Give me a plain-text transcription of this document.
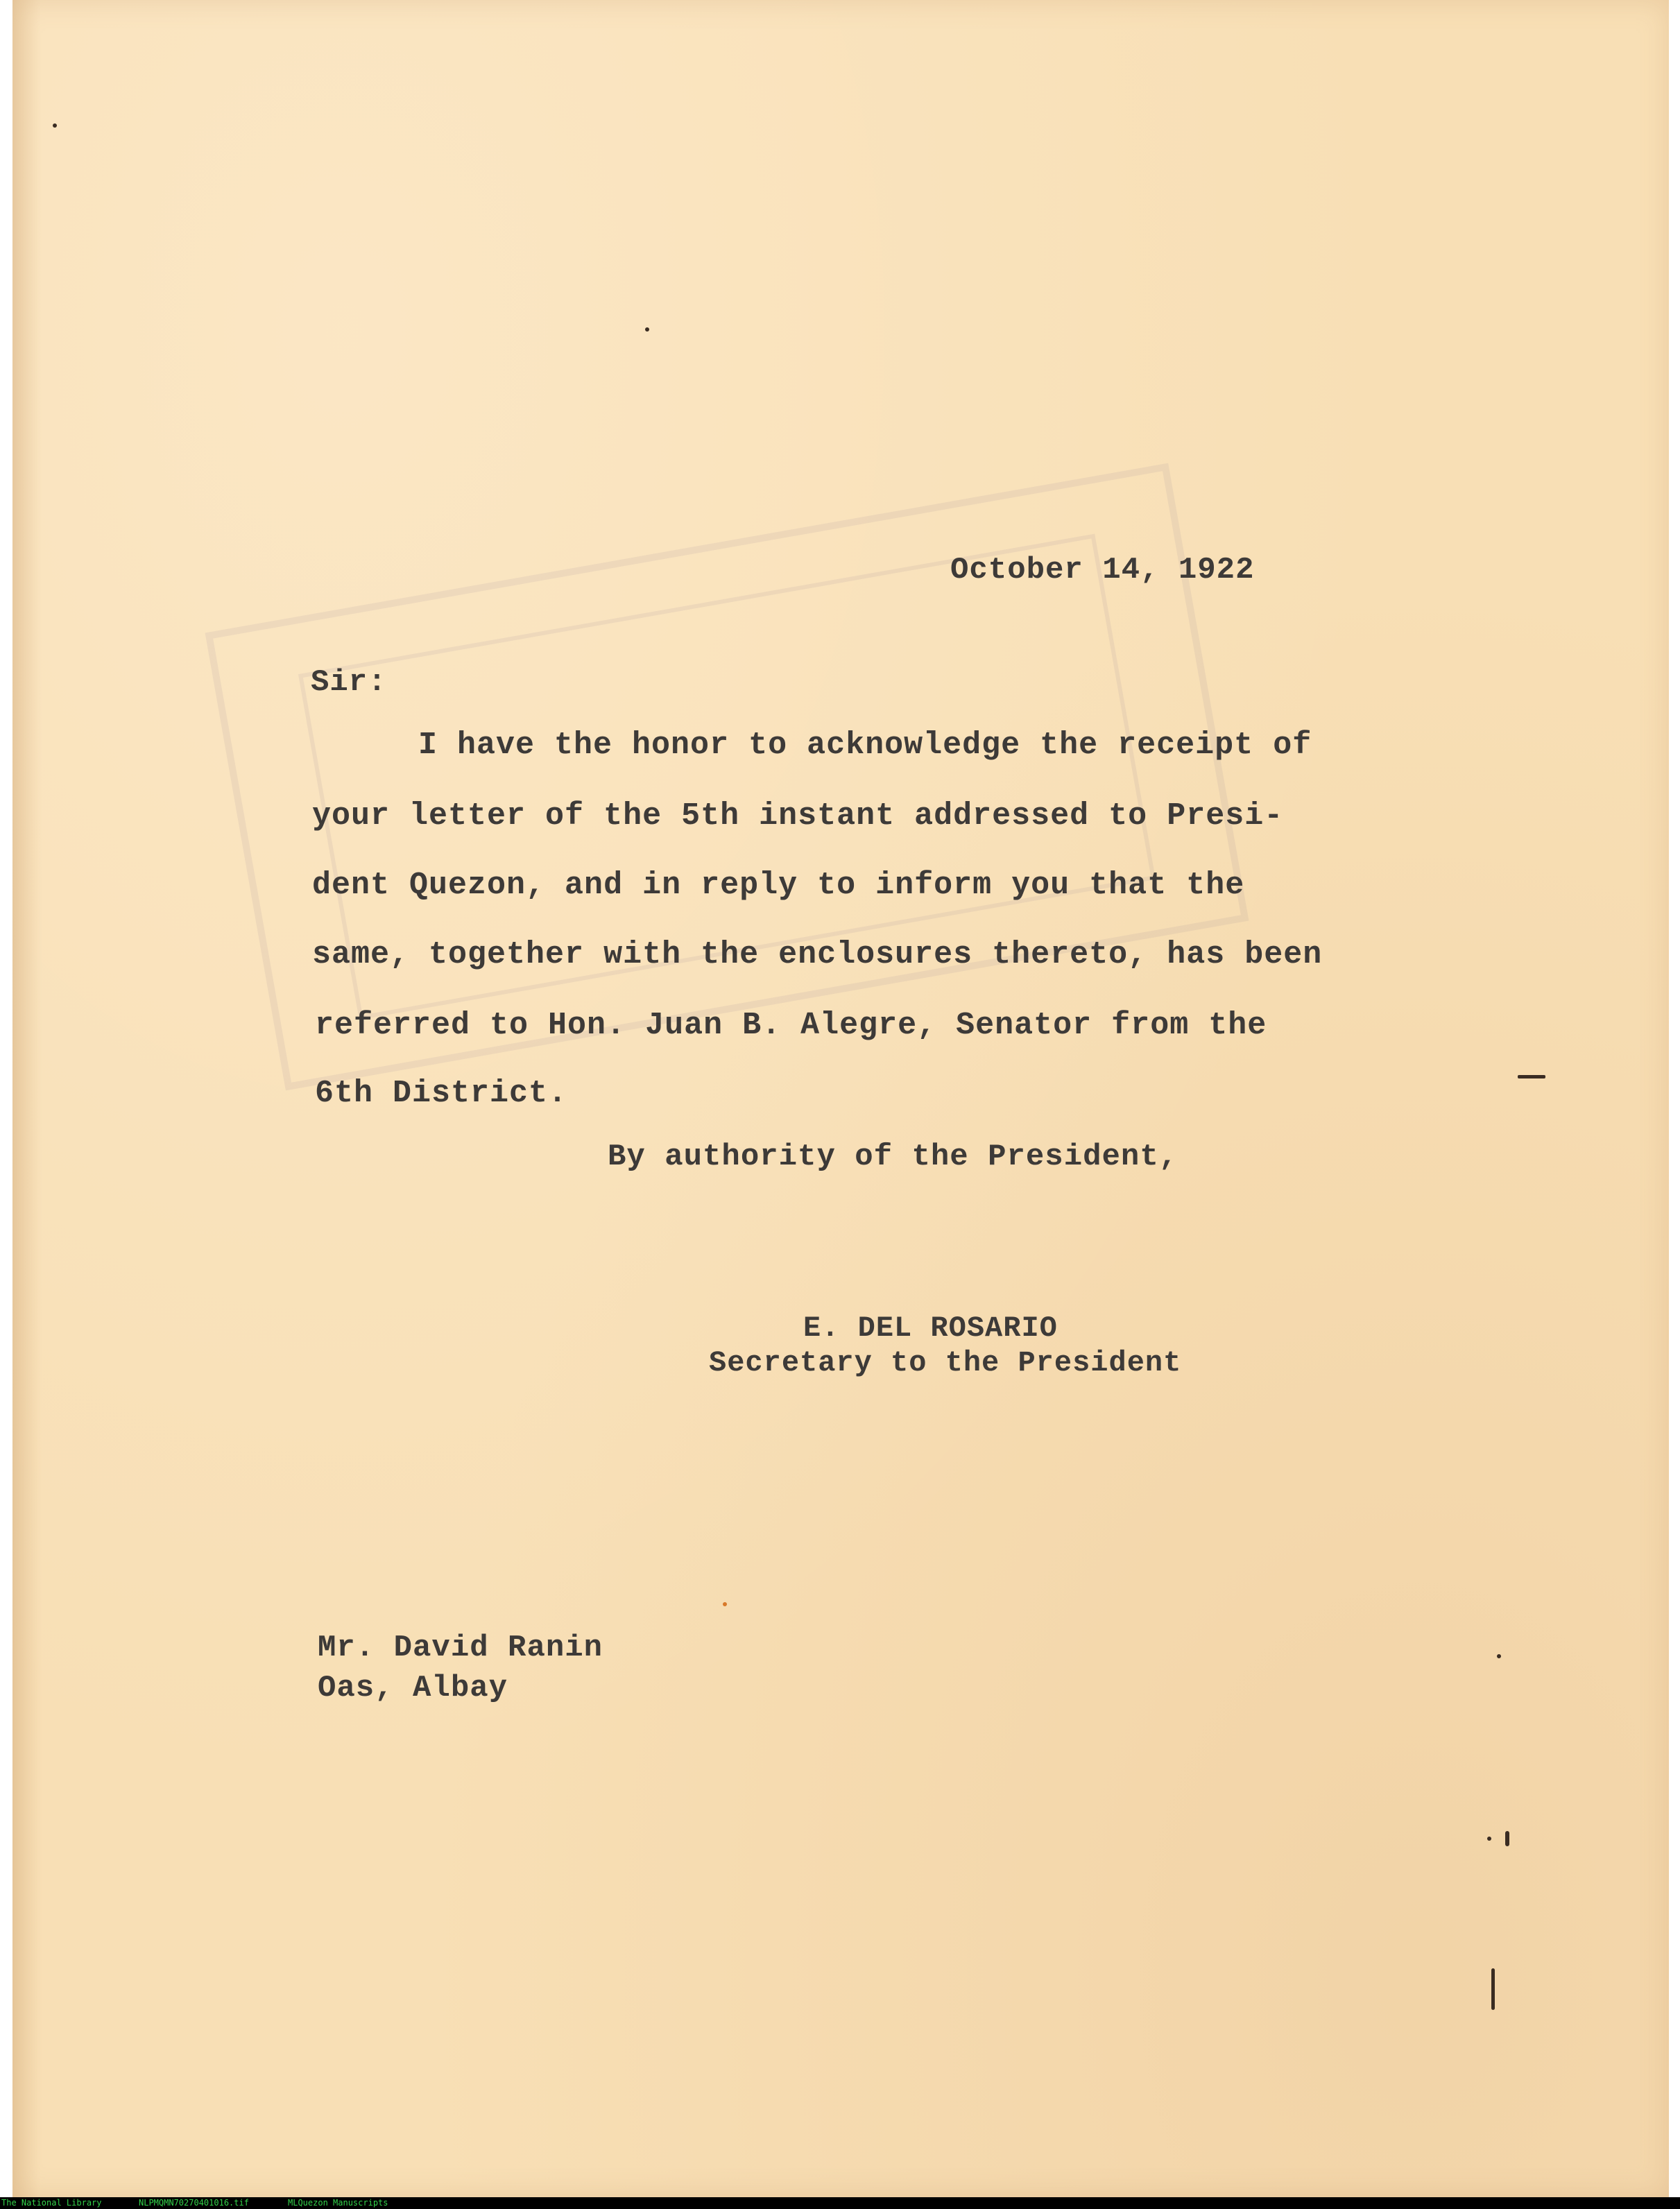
October 14, 1922
Sir:
I have the honor to acknowledge the receipt of
your letter of the 5th instant addressed to Presi-
dent Quezon, and in reply to inform you that the
same, together with the enclosures thereto, has been
referred to Hon. Juan B. Alegre, Senator from the
6th District.
By authority of the President,
E. DEL ROSARIO
Secretary to the President
Mr. David Ranin
Oas, Albay
The National Library	NLPMQMN70270401016.tif	MLQuezon Manuscripts
